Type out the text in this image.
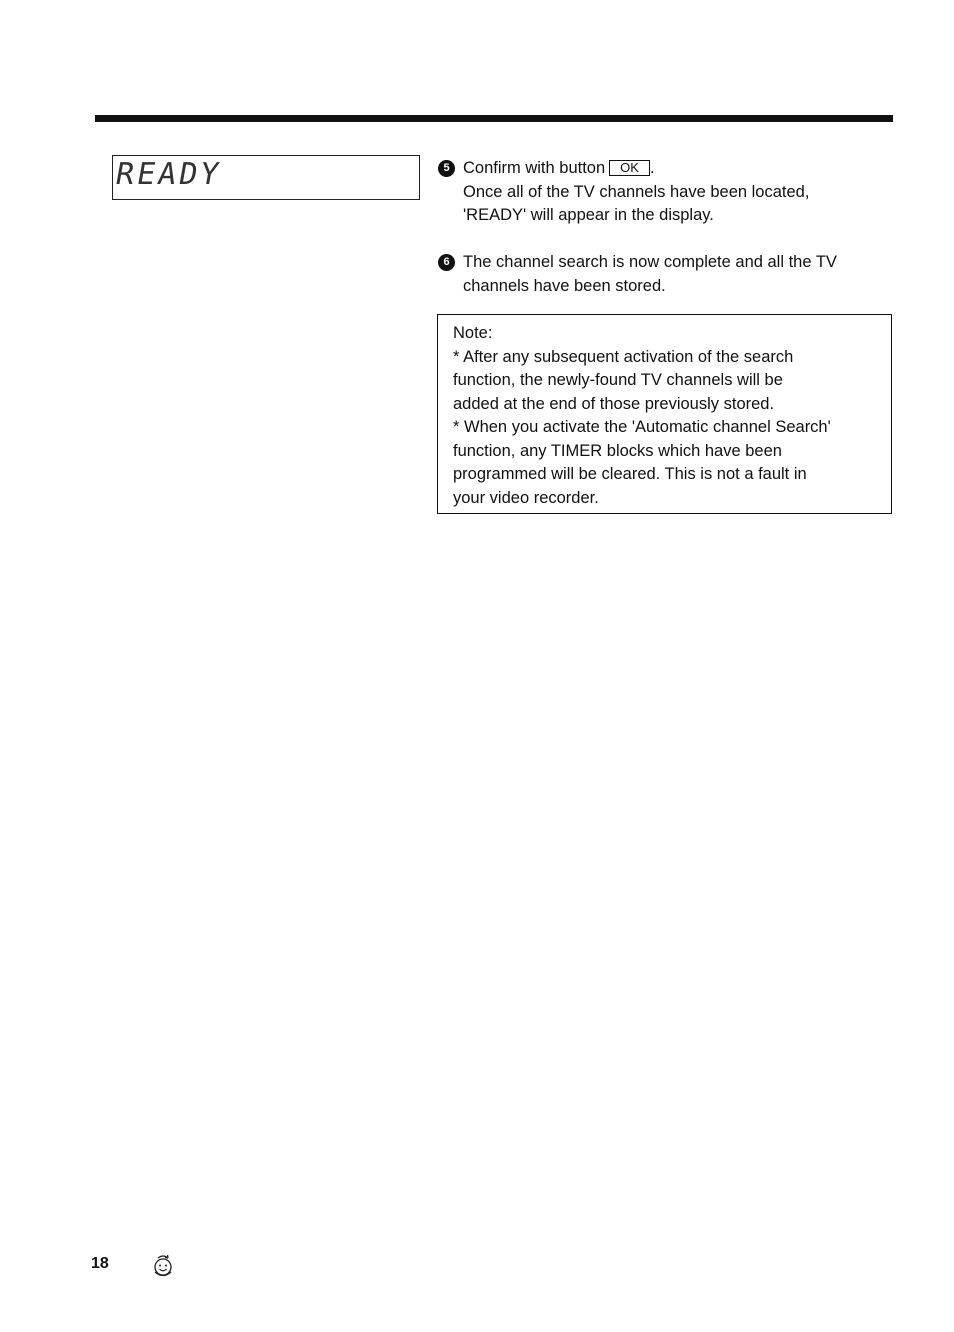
READY	5 Confirm with button OK .
Once all of the TV channels have been located,
'READY' will appear in the display.
6 The channel search is now complete and all the TV
channels have been stored.
Note:
* After any subsequent activation of the search
function, the newly-found TV channels will be
added at the end of those previously stored.
* When you activate the 'Automatic channel Search'
function, any TIMER blocks which have been
programmed will be cleared. This is not a fault in
your video recorder.
18
